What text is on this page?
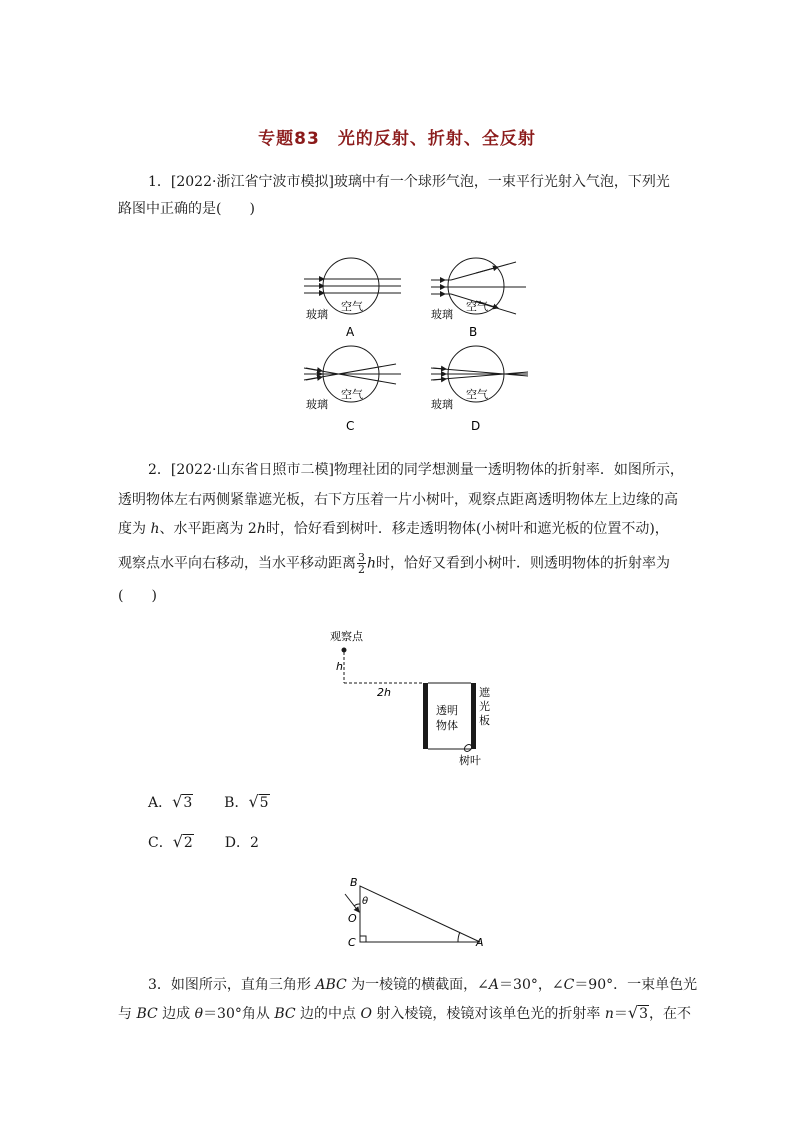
专题83　光的反射、折射、全反射
1．[2022·浙江省宁波市模拟]玻璃中有一个球形气泡，一束平行光射入气泡，下列光
路图中正确的是(　　)
空气
玻璃
A
空气
玻璃
B
空气
玻璃
C
空气
玻璃
D
2．[2022·山东省日照市二模]物理社团的同学想测量一透明物体的折射率．如图所示，
透明物体左右两侧紧靠遮光板，右下方压着一片小树叶，观察点距离透明物体左上边缘的高
度为 h、水平距离为 2h时，恰好看到树叶．移走透明物体(小树叶和遮光板的位置不动)，
观察点水平向右移动，当水平移动距离 $\frac{3}{2}$ h时，恰好又看到小树叶．则透明物体的折射率为
(　　)
观察点
h
2h
透明
物体
遮
光
板
树叶
A．√3 B．√5
C．√2 D．2
B
θ
O
C	A
3．如图所示，直角三角形 ABC 为一棱镜的横截面，∠A＝30°，∠C＝90°．一束单色光
与 BC 边成 θ＝30°角从 BC 边的中点 O 射入棱镜，棱镜对该单色光的折射率 n＝√3，在不
